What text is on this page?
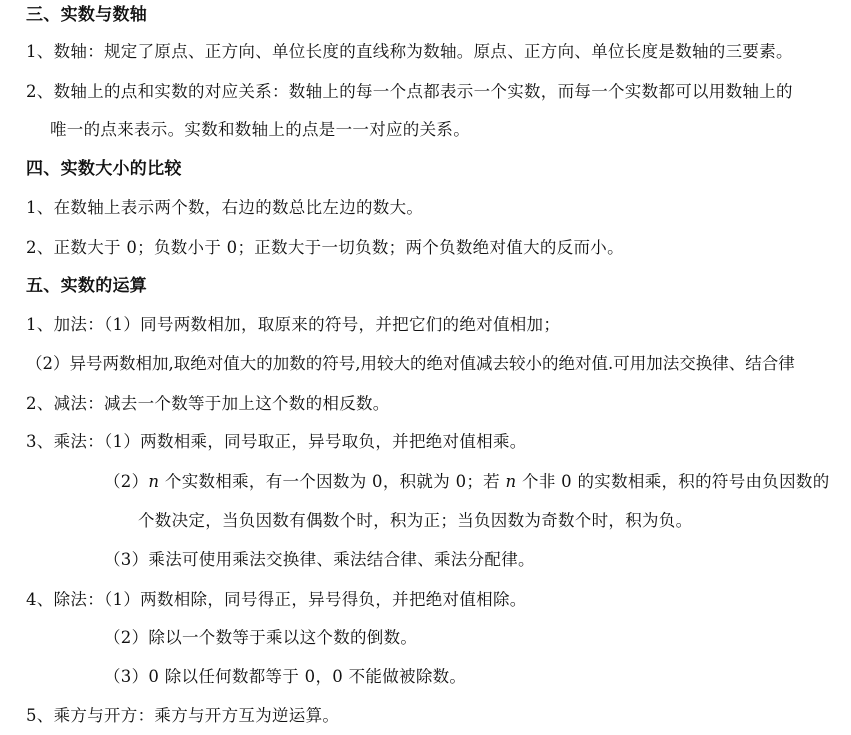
三、实数与数轴
1、数轴：规定了原点、正方向、单位长度的直线称为数轴。原点、正方向、单位长度是数轴的三要素。
2、数轴上的点和实数的对应关系：数轴上的每一个点都表示一个实数，而每一个实数都可以用数轴上的
唯一的点来表示。实数和数轴上的点是一一对应的关系。
四、实数大小的比较
1、在数轴上表示两个数，右边的数总比左边的数大。
2、正数大于 0；负数小于 0；正数大于一切负数；两个负数绝对值大的反而小。
五、实数的运算
1、加法：（1）同号两数相加，取原来的符号，并把它们的绝对值相加；
（2）异号两数相加,取绝对值大的加数的符号,用较大的绝对值减去较小的绝对值.可用加法交换律、结合律
2、减法：减去一个数等于加上这个数的相反数。
3、乘法：（1）两数相乘，同号取正，异号取负，并把绝对值相乘。
（2）n 个实数相乘，有一个因数为 0，积就为 0；若 n 个非 0 的实数相乘，积的符号由负因数的
个数决定，当负因数有偶数个时，积为正；当负因数为奇数个时，积为负。
（3）乘法可使用乘法交换律、乘法结合律、乘法分配律。
4、除法：（1）两数相除，同号得正，异号得负，并把绝对值相除。
（2）除以一个数等于乘以这个数的倒数。
（3）0 除以任何数都等于 0，0 不能做被除数。
5、乘方与开方：乘方与开方互为逆运算。
